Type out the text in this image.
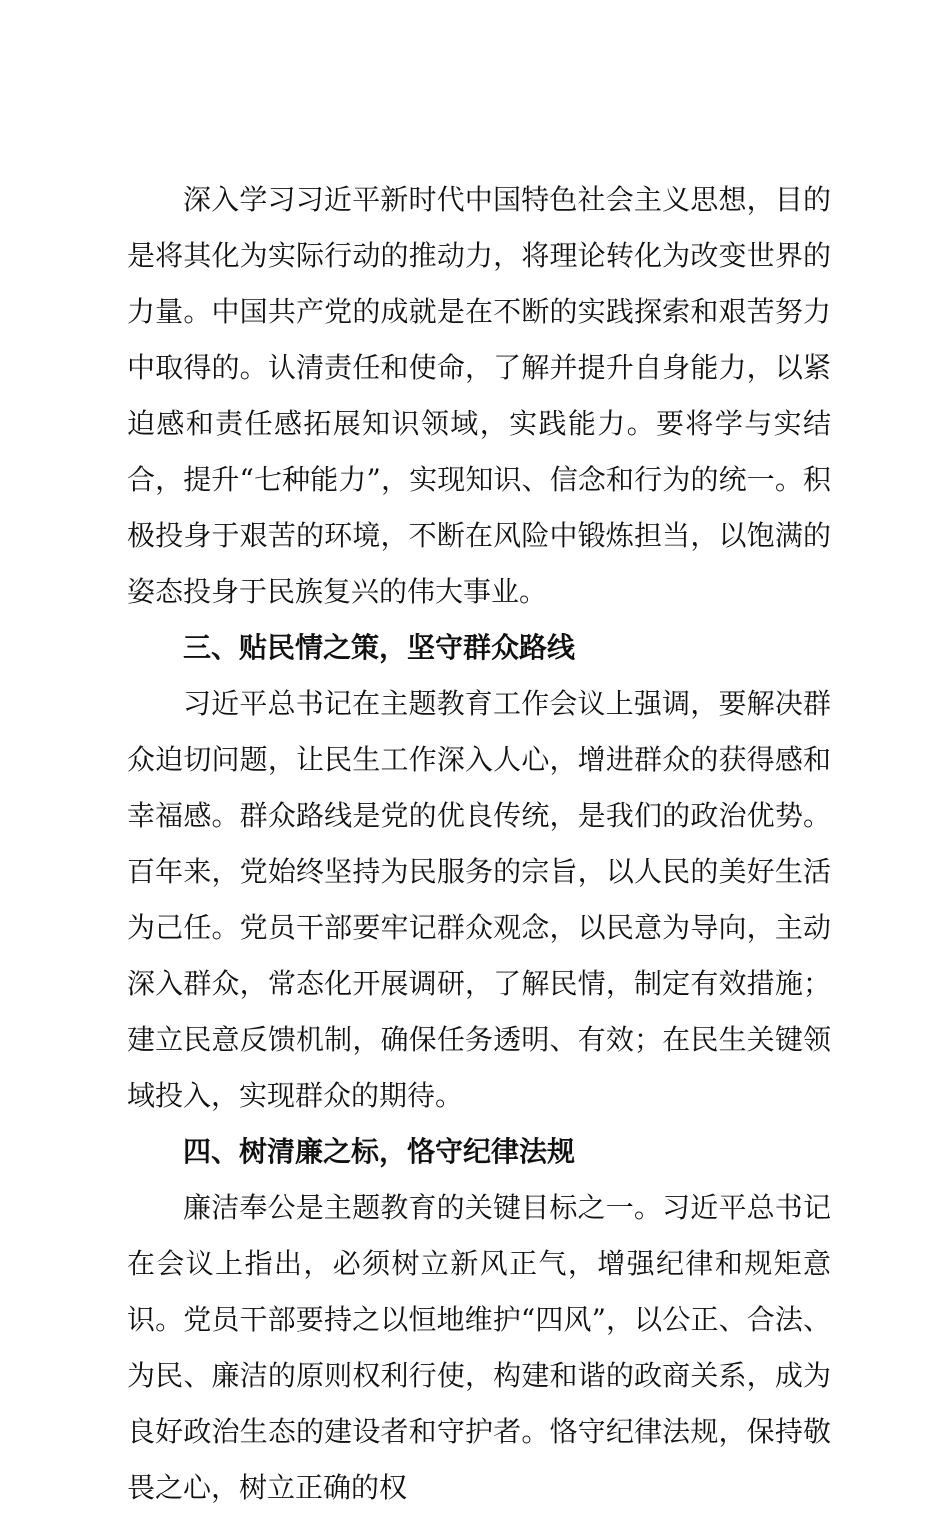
深入学习习近平新时代中国特色社会主义思想，目的是将其化为实际行动的推动力，将理论转化为改变世界的力量。中国共产党的成就是在不断的实践探索和艰苦努力中取得的。认清责任和使命，了解并提升自身能力，以紧迫感和责任感拓展知识领域，实践能力。要将学与实结合，提升“七种能力”，实现知识、信念和行为的统一。积极投身于艰苦的环境，不断在风险中锻炼担当，以饱满的姿态投身于民族复兴的伟大事业。

三、贴民情之策，坚守群众路线

习近平总书记在主题教育工作会议上强调，要解决群众迫切问题，让民生工作深入人心，增进群众的获得感和幸福感。群众路线是党的优良传统，是我们的政治优势。百年来，党始终坚持为民服务的宗旨，以人民的美好生活为己任。党员干部要牢记群众观念，以民意为导向，主动深入群众，常态化开展调研，了解民情，制定有效措施；建立民意反馈机制，确保任务透明、有效；在民生关键领域投入，实现群众的期待。

四、树清廉之标，恪守纪律法规

廉洁奉公是主题教育的关键目标之一。习近平总书记在会议上指出，必须树立新风正气，增强纪律和规矩意识。党员干部要持之以恒地维护“四风”，以公正、合法、为民、廉洁的原则权利行使，构建和谐的政商关系，成为良好政治生态的建设者和守护者。恪守纪律法规，保持敬畏之心，树立正确的权
